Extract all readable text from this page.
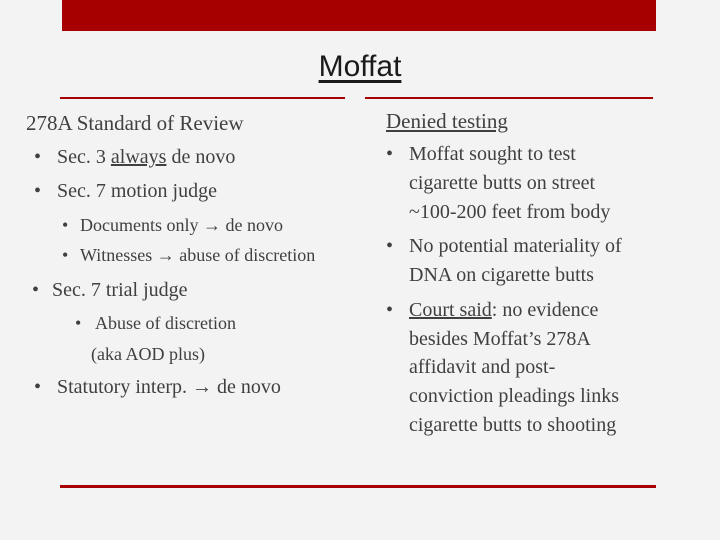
Moffat
278A Standard of Review
• Sec. 3 always de novo
• Sec. 7 motion judge
• Documents only → de novo
• Witnesses → abuse of discretion
• Sec. 7 trial judge
• Abuse of discretion
(aka AOD plus)
• Statutory interp. → de novo
Denied testing
• Moffat sought to test
cigarette butts on street
~100-200 feet from body
• No potential materiality of
DNA on cigarette butts
• Court said: no evidence
besides Moffat’s 278A
affidavit and post-
conviction pleadings links
cigarette butts to shooting
